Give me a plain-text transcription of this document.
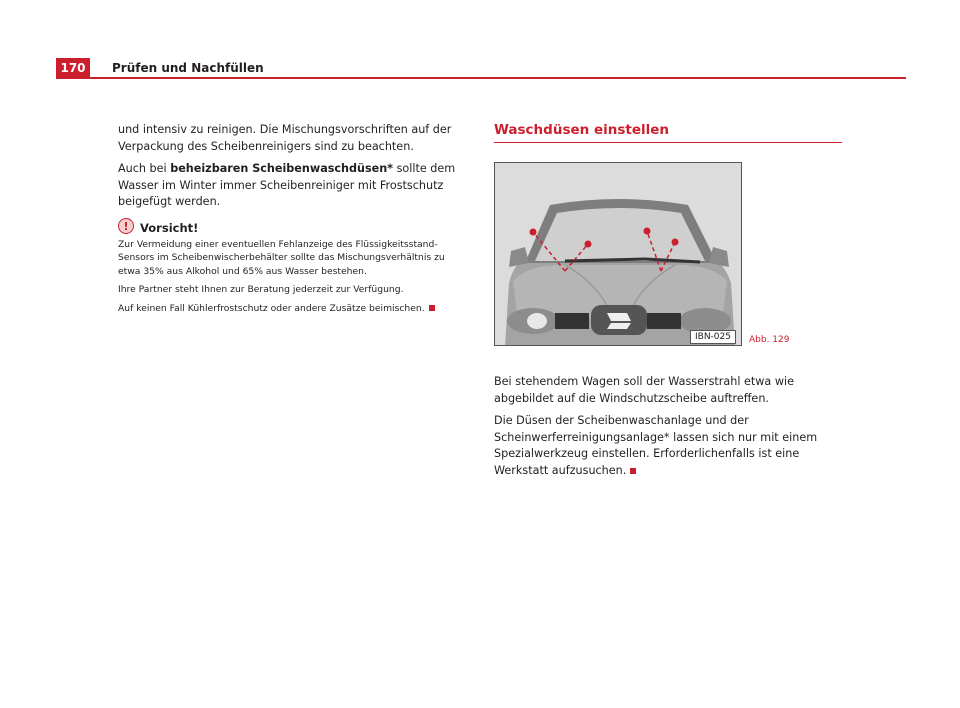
170	Prüfen und Nachfüllen

und intensiv zu reinigen. Die Mischungsvorschriften auf der Verpackung des Scheibenreinigers sind zu beachten.

Auch bei beheizbaren Scheibenwaschdüsen* sollte dem Wasser im Winter immer Scheibenreiniger mit Frostschutz beigefügt werden.

! Vorsicht!

Zur Vermeidung einer eventuellen Fehlanzeige des Flüssigkeitsstand-Sensors im Scheibenwischerbehälter sollte das Mischungsverhältnis zu etwa 35% aus Alkohol und 65% aus Wasser bestehen.

Ihre Partner steht Ihnen zur Beratung jederzeit zur Verfügung.

Auf keinen Fall Kühlerfrostschutz oder andere Zusätze beimischen.

Waschdüsen einstellen
IBN-025	Abb. 129

Bei stehendem Wagen soll der Wasserstrahl etwa wie abgebildet auf die Windschutzscheibe auftreffen.

Die Düsen der Scheibenwaschanlage und der Scheinwerferreinigungsanlage* lassen sich nur mit einem Spezialwerkzeug einstellen. Erforderlichenfalls ist eine Werkstatt aufzusuchen.
